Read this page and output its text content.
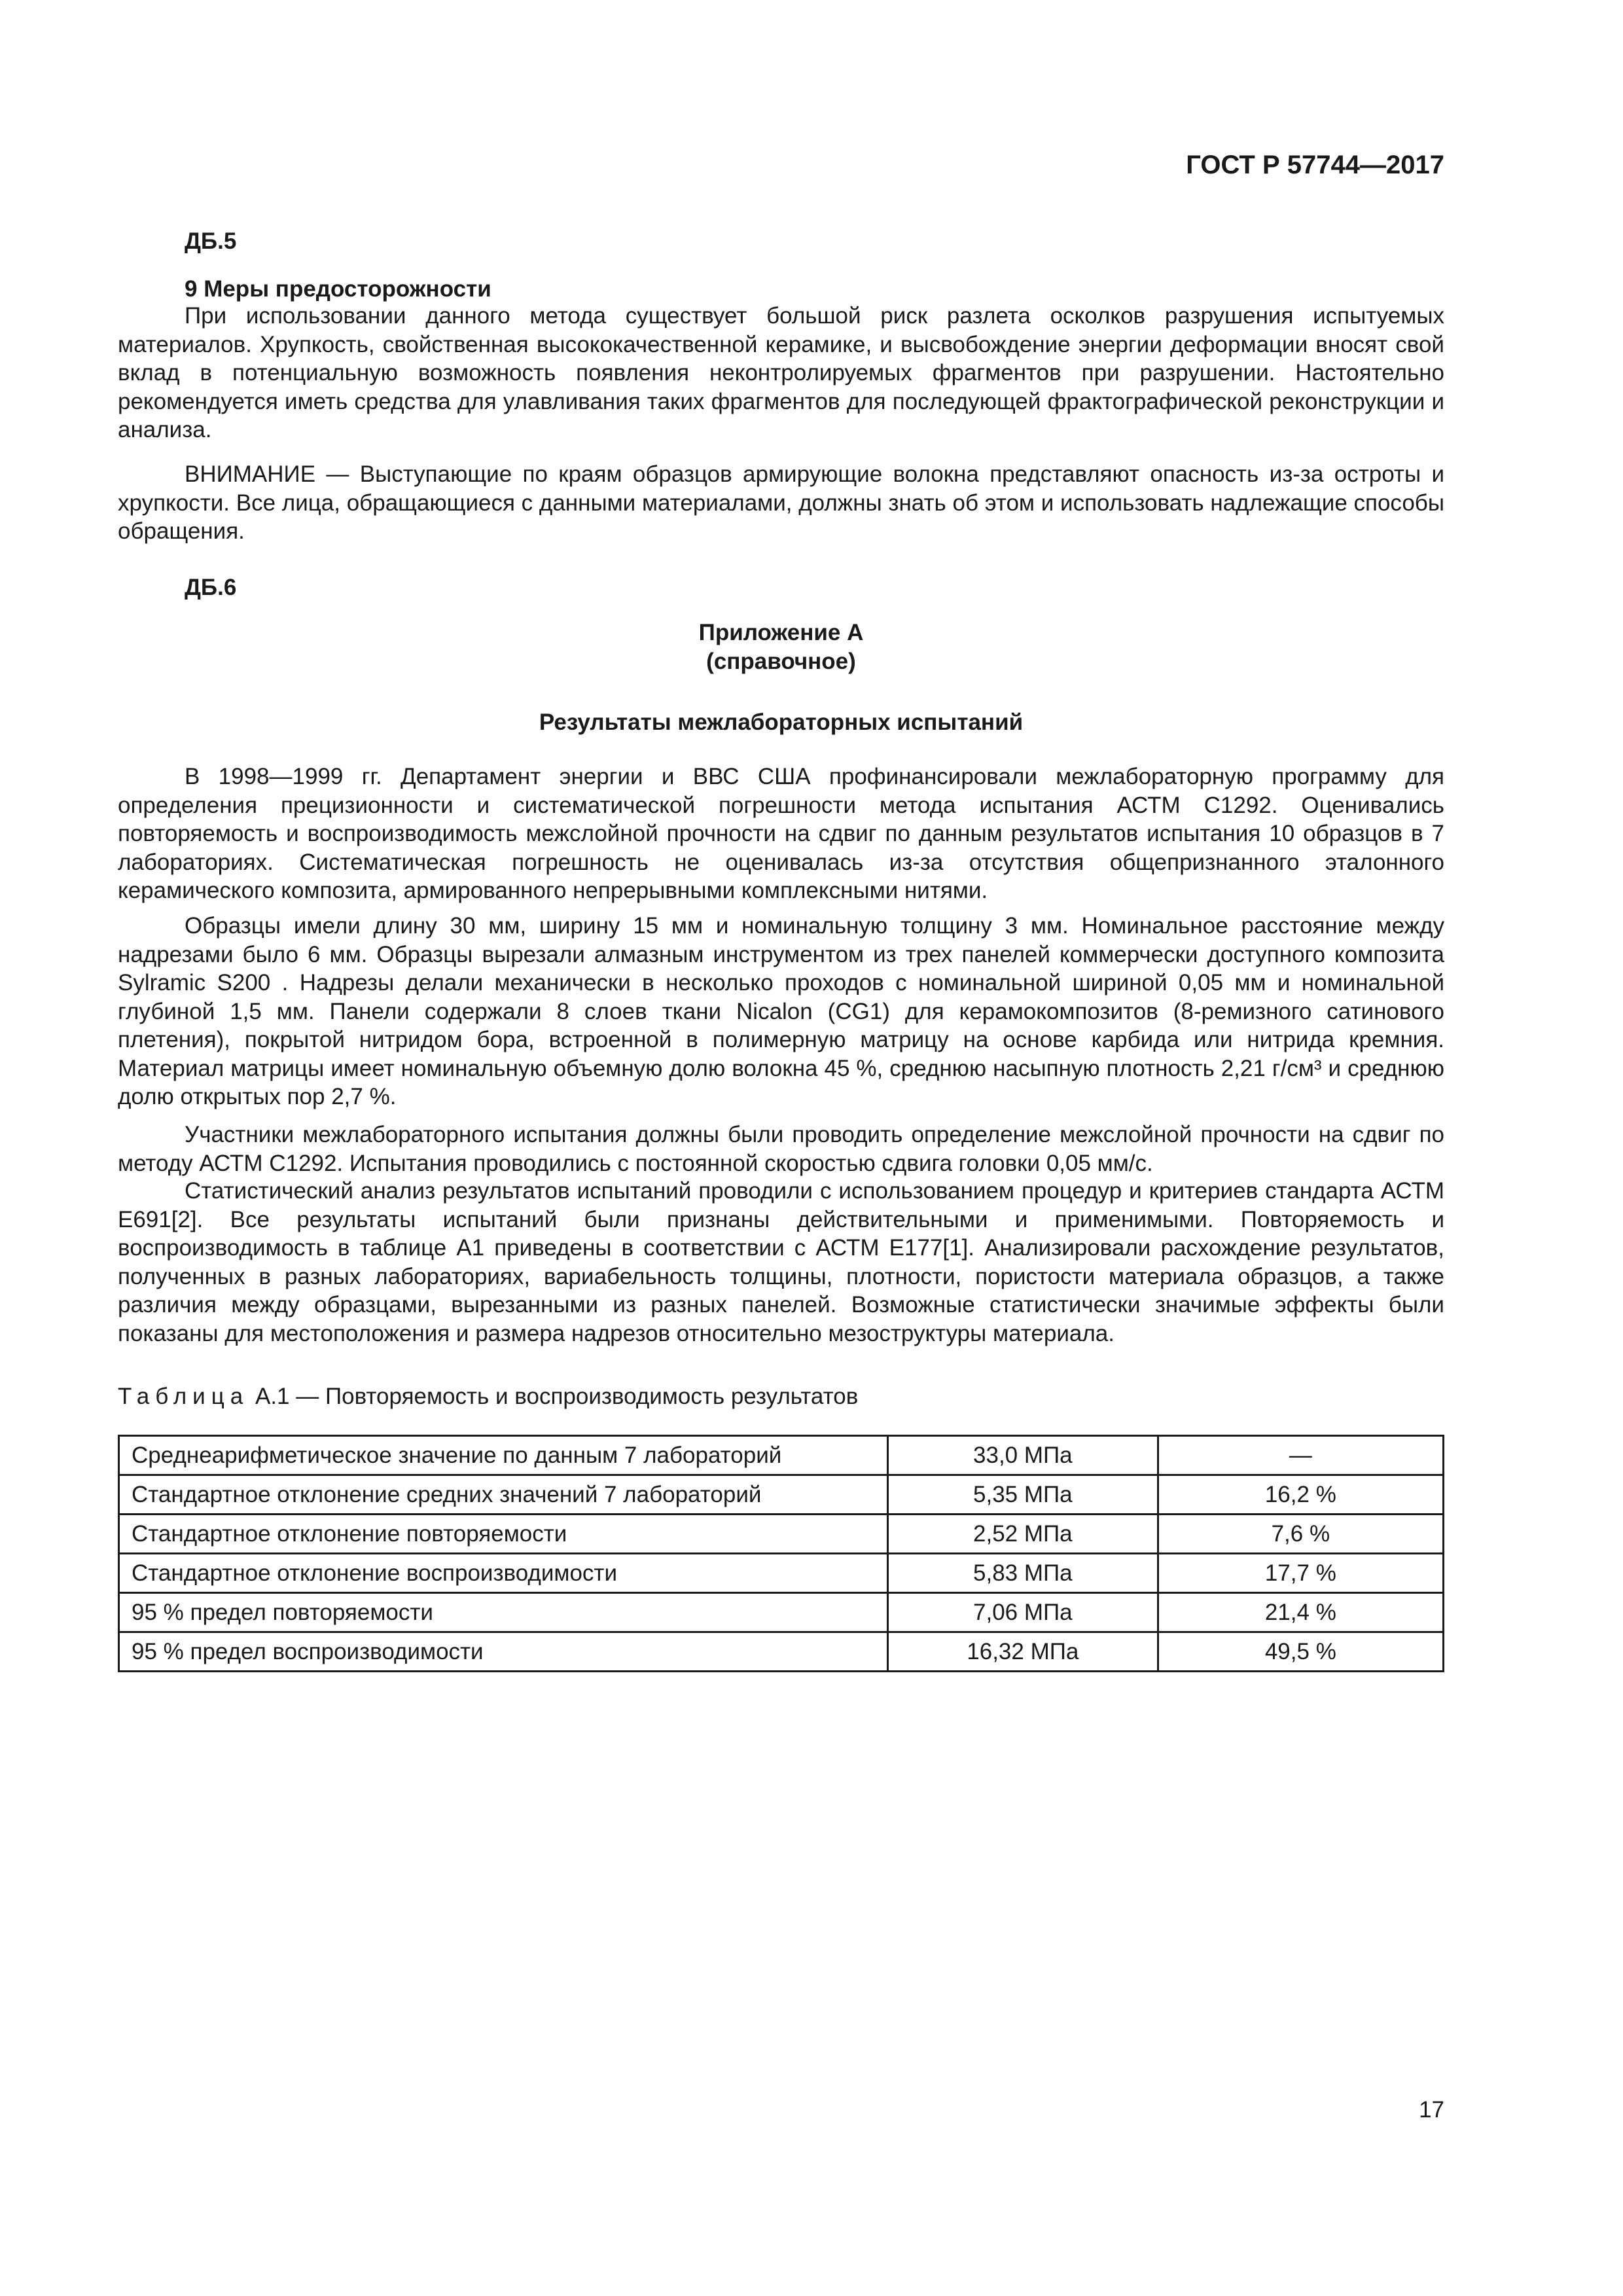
ГОСТ Р 57744—2017
ДБ.5
9 Меры предосторожности

При использовании данного метода существует большой риск разлета осколков разрушения испытуемых материалов. Хрупкость, свойственная высококачественной керамике, и высвобождение энергии деформации вносят свой вклад в потенциальную возможность появления неконтролируемых фрагментов при разрушении. Настоятельно рекомендуется иметь средства для улавливания таких фрагментов для последующей фрактографической реконструкции и анализа.

ВНИМАНИЕ — Выступающие по краям образцов армирующие волокна представляют опасность из-за остроты и хрупкости. Все лица, обращающиеся с данными материалами, должны знать об этом и использовать надлежащие способы обращения.

ДБ.6
Приложение А
(справочное)
Результаты межлабораторных испытаний

В 1998—1999 гг. Департамент энергии и ВВС США профинансировали межлабораторную программу для определения прецизионности и систематической погрешности метода испытания АСТМ С1292. Оценивались повторяемость и воспроизводимость межслойной прочности на сдвиг по данным результатов испытания 10 образцов в 7 лабораториях. Систематическая погрешность не оценивалась из-за отсутствия общепризнанного эталонного керамического композита, армированного непрерывными комплексными нитями.

Образцы имели длину 30 мм, ширину 15 мм и номинальную толщину 3 мм. Номинальное расстояние между надрезами было 6 мм. Образцы вырезали алмазным инструментом из трех панелей коммерчески доступного композита Sylramic S200 . Надрезы делали механически в несколько проходов с номинальной шириной 0,05 мм и номинальной глубиной 1,5 мм. Панели содержали 8 слоев ткани Nicalon (CG1) для керамокомпозитов (8-ремизного сатинового плетения), покрытой нитридом бора, встроенной в полимерную матрицу на основе карбида или нитрида кремния. Материал матрицы имеет номинальную объемную долю волокна 45 %, среднюю насыпную плотность 2,21 г/см³ и среднюю долю открытых пор 2,7 %.

Участники межлабораторного испытания должны были проводить определение межслойной прочности на сдвиг по методу АСТМ С1292. Испытания проводились с постоянной скоростью сдвига головки 0,05 мм/с.

Статистический анализ результатов испытаний проводили с использованием процедур и критериев стандарта АСТМ Е691[2]. Все результаты испытаний были признаны действительными и применимыми. Повторяемость и воспроизводимость в таблице А1 приведены в соответствии с АСТМ Е177[1]. Анализировали расхождение результатов, полученных в разных лабораториях, вариабельность толщины, плотности, пористости материала образцов, а также различия между образцами, вырезанными из разных панелей. Возможные статистически значимые эффекты были показаны для местоположения и размера надрезов относительно мезоструктуры материала.

Таблица А.1 — Повторяемость и воспроизводимость результатов
Среднеарифметическое значение по данным 7 лабораторий	33,0 МПа	—
Стандартное отклонение средних значений 7 лабораторий	5,35 МПа	16,2 %
Стандартное отклонение повторяемости	2,52 МПа	7,6 %
Стандартное отклонение воспроизводимости	5,83 МПа	17,7 %
95 % предел повторяемости	7,06 МПа	21,4 %
95 % предел воспроизводимости	16,32 МПа	49,5 %
17
